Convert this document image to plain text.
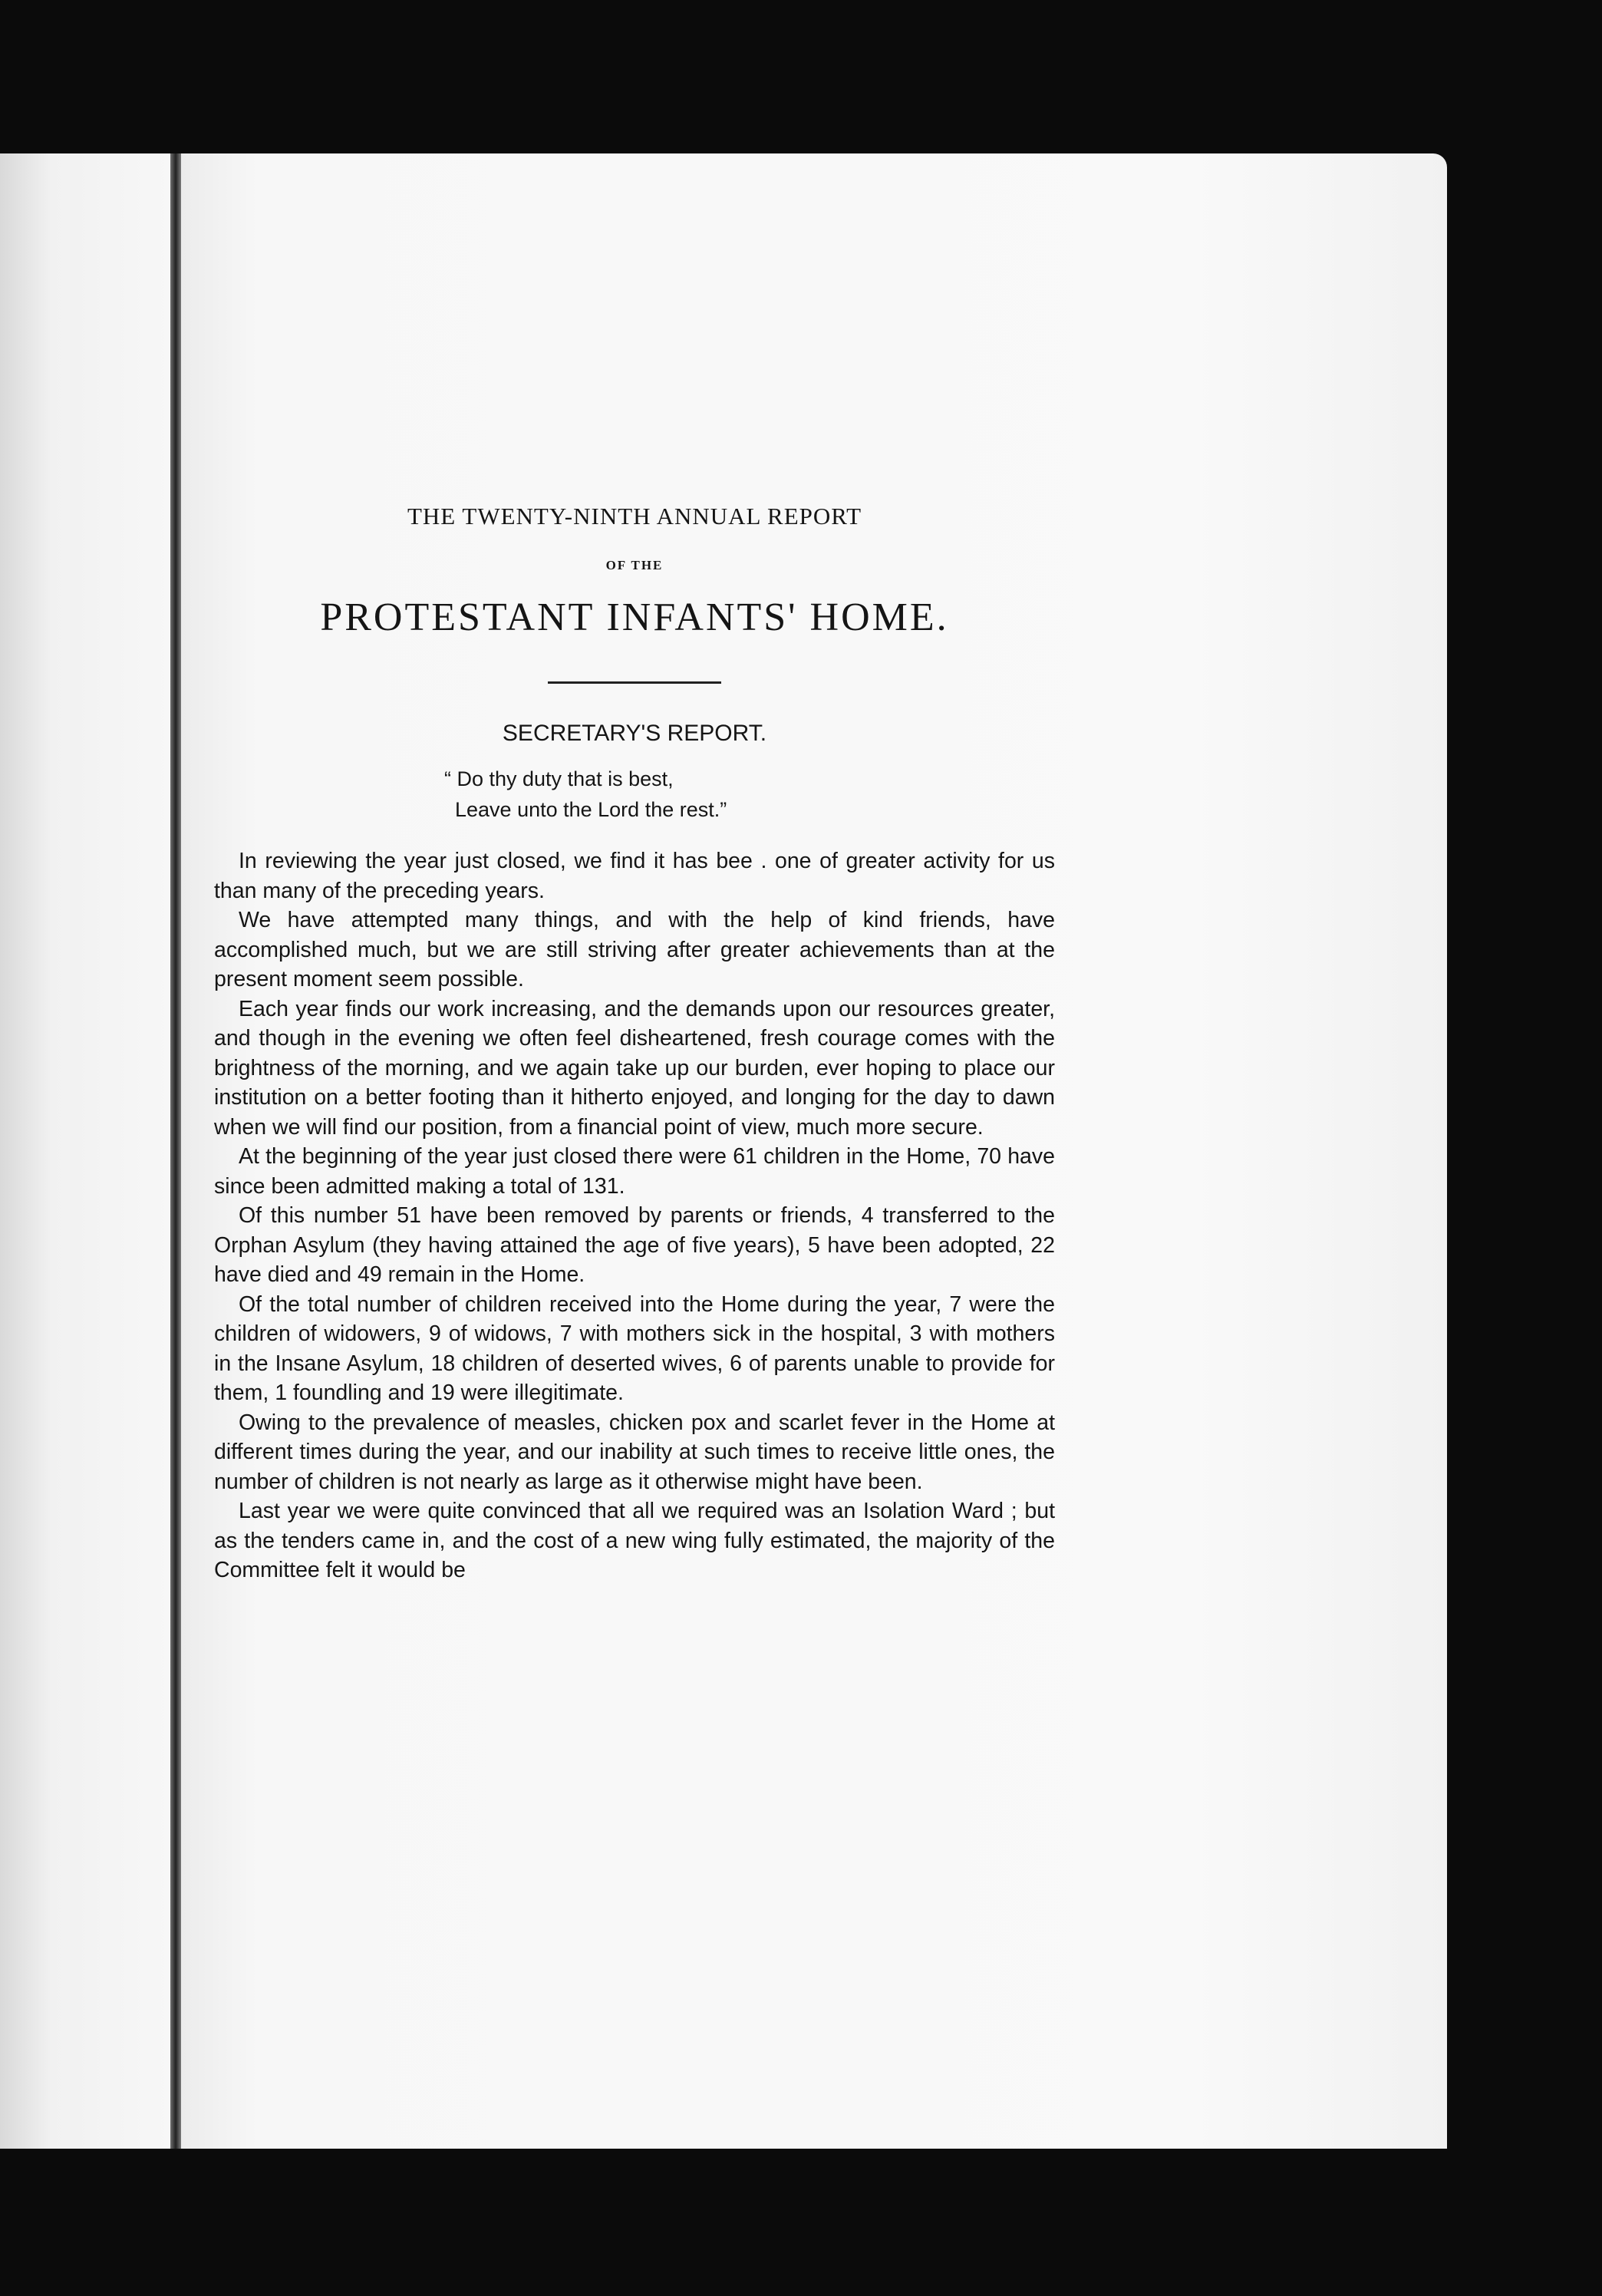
THE TWENTY-NINTH ANNUAL REPORT
OF THE
PROTESTANT INFANTS' HOME.
SECRETARY'S REPORT.
“ Do thy duty that is best,
Leave unto the Lord the rest.”

In reviewing the year just closed, we find it has bee . one of greater activity for us than many of the preceding years.

We have attempted many things, and with the help of kind friends, have accomplished much, but we are still striving after greater achievements than at the present moment seem possible.

Each year finds our work increasing, and the demands upon our resources greater, and though in the evening we often feel disheartened, fresh courage comes with the brightness of the morning, and we again take up our burden, ever hoping to place our institution on a better footing than it hitherto enjoyed, and longing for the day to dawn when we will find our position, from a financial point of view, much more secure.

At the beginning of the year just closed there were 61 children in the Home, 70 have since been admitted making a total of 131.

Of this number 51 have been removed by parents or friends, 4 transferred to the Orphan Asylum (they having attained the age of five years), 5 have been adopted, 22 have died and 49 remain in the Home.

Of the total number of children received into the Home during the year, 7 were the children of widowers, 9 of widows, 7 with mothers sick in the hospital, 3 with mothers in the Insane Asylum, 18 children of deserted wives, 6 of parents unable to provide for them, 1 foundling and 19 were illegitimate.

Owing to the prevalence of measles, chicken pox and scarlet fever in the Home at different times during the year, and our inability at such times to receive little ones, the number of children is not nearly as large as it otherwise might have been.

Last year we were quite convinced that all we required was an Isolation Ward ; but as the tenders came in, and the cost of a new wing fully estimated, the majority of the Committee felt it would be
